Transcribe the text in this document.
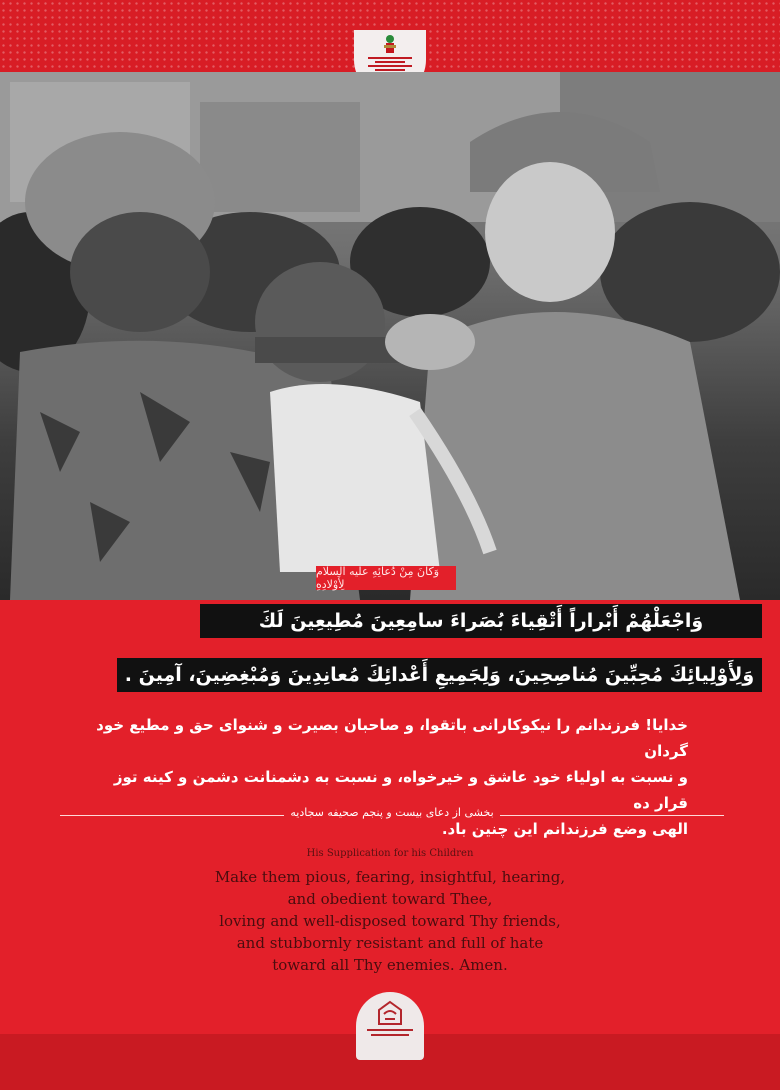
وَكانَ مِنْ دُعائِهِ عليه السلام لِأَوْلادِهِ
وَاجْعَلْهُمْ أَبْراراً أَتْقِياءَ بُصَراءَ سامِعِينَ مُطِيعِينَ لَكَ
وَلِأَوْلِيائِكَ مُحِبِّينَ مُناصِحِينَ، وَلِجَمِيعِ أَعْدائِكَ مُعانِدِينَ وَمُبْغِضِينَ، آمِينَ .

خدایا! فرزندانم را نیکوکارانی باتقوا، و صاحبان بصیرت و شنوای حق و مطیع خود گردان

و نسبت به اولیاء خود عاشق و خیرخواه، و نسبت به دشمنانت دشمن و کینه توز قرار ده

الهی وضع فرزندانم این چنین باد.

بخشی از دعای بیست و پنجم صحیفه سجادیه
His Supplication for his Children

Make them pious, fearing, insightful, hearing,

and obedient toward Thee,

loving and well-disposed toward Thy friends,

and stubbornly resistant and full of hate

toward all Thy enemies. Amen.
